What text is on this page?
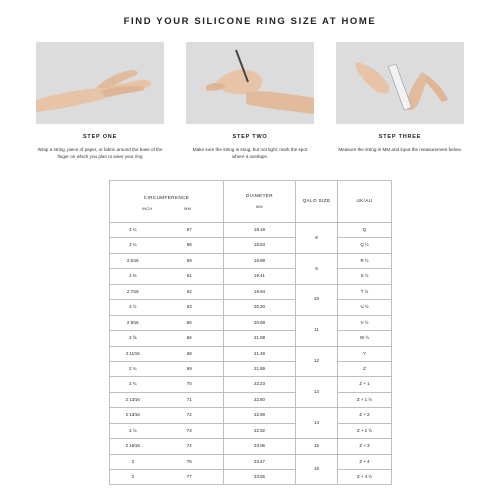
FIND YOUR SILICONE RING SIZE AT HOME
STEP ONE
Wrap a string, piece of paper, or fabric around the base of the finger on which you plan to wear your ring
STEP TWO
Make sure the string is snug, but not tight; mark the spot where it overlaps.
STEP THREE
Measure the string in MM and input the measurement below.
CIRCUMFERENCE
INCH MM		DIAMETER
MM	QALO SIZE	UK/AU
2 ¼	57	18.19	8	Q
2 ¼	58	18.53		Q ½
2 5⁄16	59	18.89	9	R ½
2 ⅜	61	19.41		S ½
2 7⁄16	62	19.94	10	T ½
2 ½	63	20.20		U ½
2 9⁄16	65	20.68	11	V ½
2 ⅝	66	21.08		W ½
2 11⁄16	68	21.49	12	Y
2 ¾	69	21.89		Z
2 ¾	70	22.23	13	Z + 1
2 13⁄16	71	22.60		Z + 1 ½
2 13⁄16	72	22.69	14	Z + 2
2 ⅞	73	22.92		Z + 2 ½
2 15⁄16	74	23.06	15	Z + 3
3	76	23.47	16	Z + 4
3	77	23.55		Z + 4 ½
